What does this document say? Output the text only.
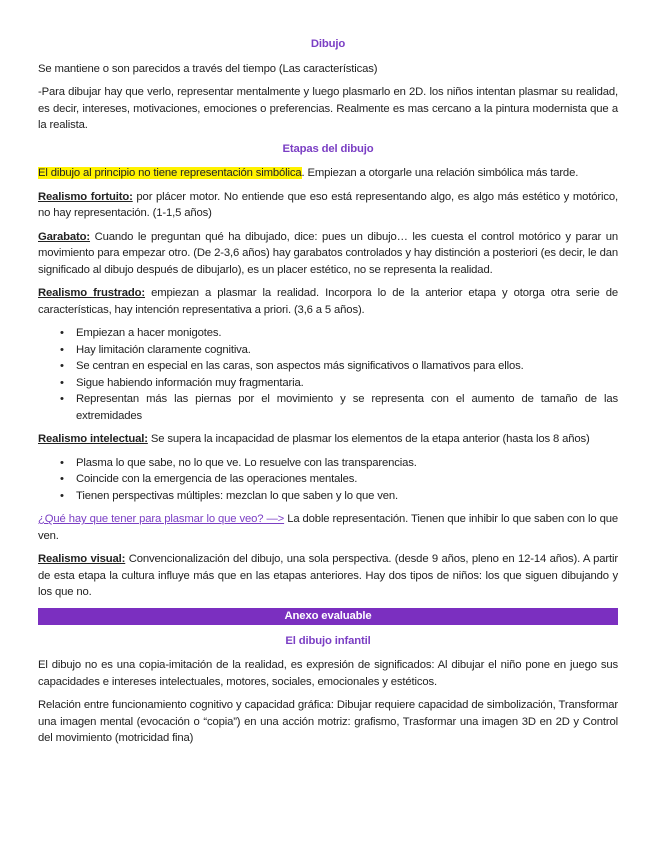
Dibujo

Se mantiene o son parecidos a través del tiempo (Las características)

-Para dibujar hay que verlo, representar mentalmente y luego plasmarlo en 2D. los niños intentan plasmar su realidad, es decir, intereses, motivaciones, emociones o preferencias. Realmente es mas cercano a la pintura modernista que a la realista.

Etapas del dibujo

El dibujo al principio no tiene representación simbólica. Empiezan a otorgarle una relación simbólica más tarde.

Realismo fortuito: por plácer motor. No entiende que eso está representando algo, es algo más estético y motórico, no hay representación. (1-1,5 años)

Garabato: Cuando le preguntan qué ha dibujado, dice: pues un dibujo… les cuesta el control motórico y parar un movimiento para empezar otro. (De 2-3,6 años) hay garabatos controlados y hay distinción a posteriori (es decir, le dan significado al dibujo después de dibujarlo), es un placer estético, no se representa la realidad.

Realismo frustrado: empiezan a plasmar la realidad. Incorpora lo de la anterior etapa y otorga otra serie de características, hay intención representativa a priori. (3,6 a 5 años).

• Empiezan a hacer monigotes.
• Hay limitación claramente cognitiva.
• Se centran en especial en las caras, son aspectos más significativos o llamativos para ellos.
• Sigue habiendo información muy fragmentaria.
• Representan más las piernas por el movimiento y se representa con el aumento de tamaño de las extremidades

Realismo intelectual: Se supera la incapacidad de plasmar los elementos de la etapa anterior (hasta los 8 años)

• Plasma lo que sabe, no lo que ve. Lo resuelve con las transparencias.
• Coincide con la emergencia de las operaciones mentales.
• Tienen perspectivas múltiples: mezclan lo que saben y lo que ven.

¿Qué hay que tener para plasmar lo que veo? —> La doble representación. Tienen que inhibir lo que saben con lo que ven.

Realismo visual: Convencionalización del dibujo, una sola perspectiva. (desde 9 años, pleno en 12-14 años). A partir de esta etapa la cultura influye más que en las etapas anteriores. Hay dos tipos de niños: los que siguen dibujando y los que no.

Anexo evaluable
El dibujo infantil

El dibujo no es una copia-imitación de la realidad, es expresión de significados: Al dibujar el niño pone en juego sus capacidades e intereses intelectuales, motores, sociales, emocionales y estéticos.

Relación entre funcionamiento cognitivo y capacidad gráfica: Dibujar requiere capacidad de simbolización, Transformar una imagen mental (evocación o “copia”) en una acción motriz: grafismo, Trasformar una imagen 3D en 2D y Control del movimiento (motricidad fina)
